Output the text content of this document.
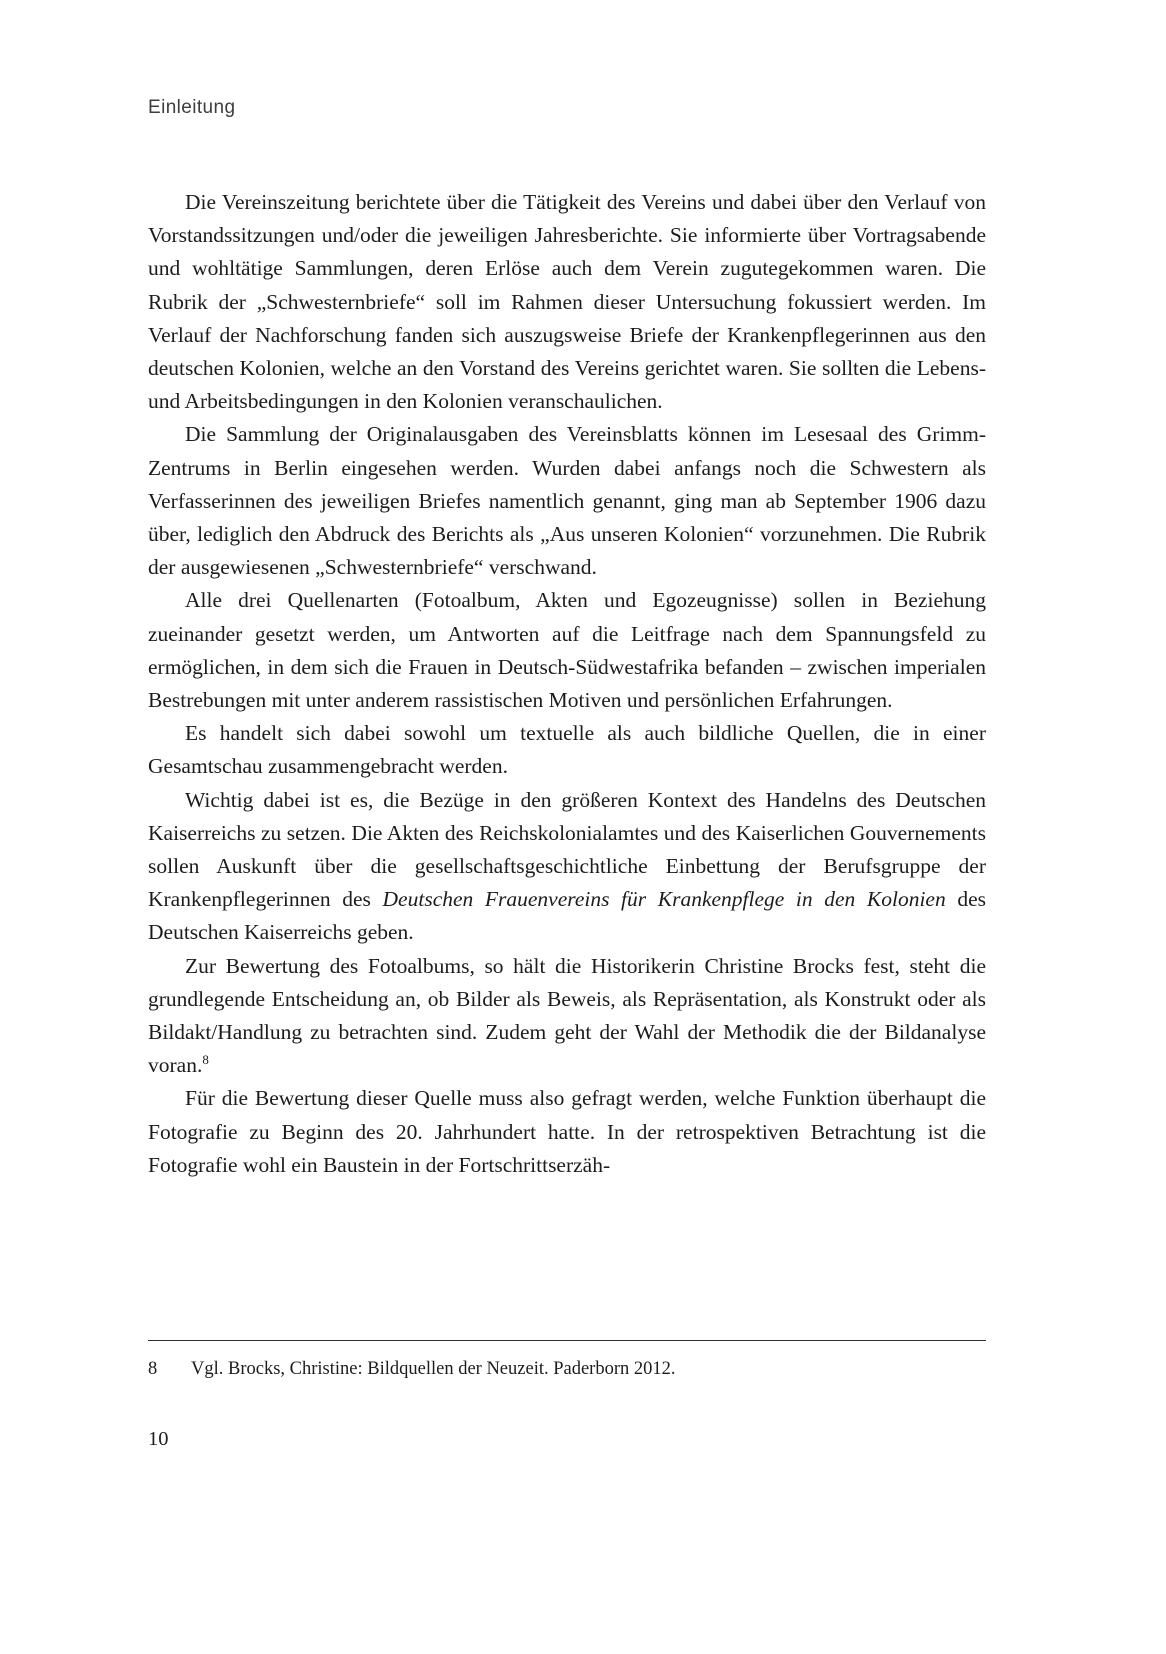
Einleitung

Die Vereinszeitung berichtete über die Tätigkeit des Vereins und dabei über den Verlauf von Vorstandssitzungen und/oder die jeweiligen Jahresberichte. Sie informierte über Vortragsabende und wohltätige Sammlungen, deren Erlöse auch dem Verein zugutegekommen waren. Die Rubrik der „Schwesternbriefe“ soll im Rahmen dieser Untersuchung fokussiert werden. Im Verlauf der Nachforschung fanden sich auszugsweise Briefe der Krankenpflegerinnen aus den deutschen Kolonien, welche an den Vorstand des Vereins gerichtet waren. Sie sollten die Lebens- und Arbeitsbedingungen in den Kolonien veranschaulichen.

Die Sammlung der Originalausgaben des Vereinsblatts können im Lesesaal des Grimm-Zentrums in Berlin eingesehen werden. Wurden dabei anfangs noch die Schwestern als Verfasserinnen des jeweiligen Briefes namentlich genannt, ging man ab September 1906 dazu über, lediglich den Abdruck des Berichts als „Aus unseren Kolonien“ vorzunehmen. Die Rubrik der ausgewiesenen „Schwesternbriefe“ verschwand.

Alle drei Quellenarten (Fotoalbum, Akten und Egozeugnisse) sollen in Beziehung zueinander gesetzt werden, um Antworten auf die Leitfrage nach dem Spannungsfeld zu ermöglichen, in dem sich die Frauen in Deutsch-Südwestafrika befanden – zwischen imperialen Bestrebungen mit unter anderem rassistischen Motiven und persönlichen Erfahrungen.

Es handelt sich dabei sowohl um textuelle als auch bildliche Quellen, die in einer Gesamtschau zusammengebracht werden.

Wichtig dabei ist es, die Bezüge in den größeren Kontext des Handelns des Deutschen Kaiserreichs zu setzen. Die Akten des Reichskolonialamtes und des Kaiserlichen Gouvernements sollen Auskunft über die gesellschaftsgeschichtliche Einbettung der Berufsgruppe der Krankenpflegerinnen des Deutschen Frauenvereins für Krankenpflege in den Kolonien des Deutschen Kaiserreichs geben.

Zur Bewertung des Fotoalbums, so hält die Historikerin Christine Brocks fest, steht die grundlegende Entscheidung an, ob Bilder als Beweis, als Repräsentation, als Konstrukt oder als Bildakt/Handlung zu betrachten sind. Zudem geht der Wahl der Methodik die der Bildanalyse voran.$^8$

Für die Bewertung dieser Quelle muss also gefragt werden, welche Funktion überhaupt die Fotografie zu Beginn des 20. Jahrhundert hatte. In der retrospektiven Betrachtung ist die Fotografie wohl ein Baustein in der Fortschrittserzäh-

8	Vgl. Brocks, Christine: Bildquellen der Neuzeit. Paderborn 2012.
10
